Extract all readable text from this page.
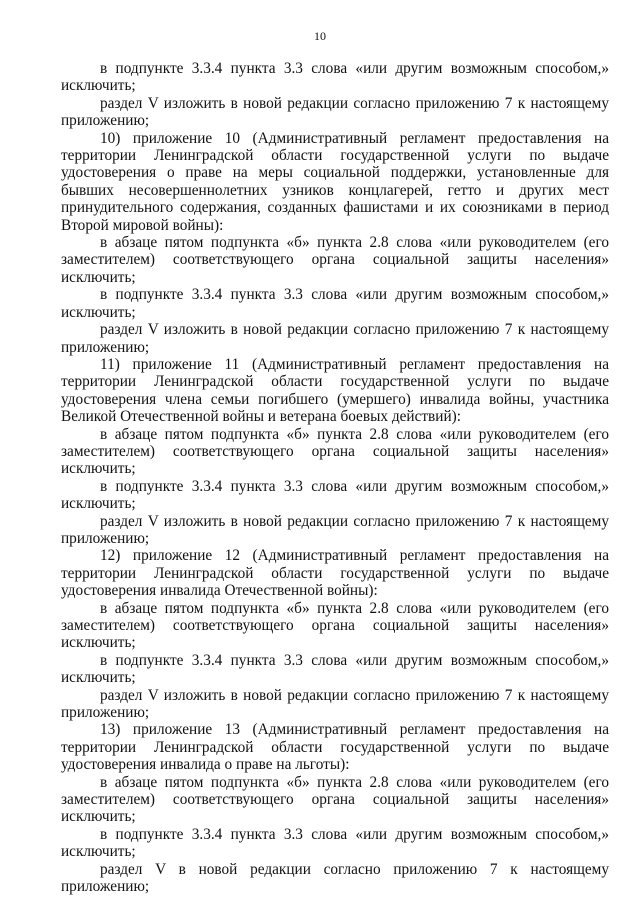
10

в подпункте 3.3.4 пункта 3.3 слова «или другим возможным способом,» исключить;

раздел V изложить в новой редакции согласно приложению 7 к настоящему приложению;

10) приложение 10 (Административный регламент предоставления на территории Ленинградской области государственной услуги по выдаче удостоверения о праве на меры социальной поддержки, установленные для бывших несовершеннолетних узников концлагерей, гетто и других мест принудительного содержания, созданных фашистами и их союзниками в период Второй мировой войны):

в абзаце пятом подпункта «б» пункта 2.8 слова «или руководителем (его заместителем) соответствующего органа социальной защиты населения» исключить;

в подпункте 3.3.4 пункта 3.3 слова «или другим возможным способом,» исключить;

раздел V изложить в новой редакции согласно приложению 7 к настоящему приложению;

11) приложение 11 (Административный регламент предоставления на территории Ленинградской области государственной услуги по выдаче удостоверения члена семьи погибшего (умершего) инвалида войны, участника Великой Отечественной войны и ветерана боевых действий):

в абзаце пятом подпункта «б» пункта 2.8 слова «или руководителем (его заместителем) соответствующего органа социальной защиты населения» исключить;

в подпункте 3.3.4 пункта 3.3 слова «или другим возможным способом,» исключить;

раздел V изложить в новой редакции согласно приложению 7 к настоящему приложению;

12) приложение 12 (Административный регламент предоставления на территории Ленинградской области государственной услуги по выдаче удостоверения инвалида Отечественной войны):

в абзаце пятом подпункта «б» пункта 2.8 слова «или руководителем (его заместителем) соответствующего органа социальной защиты населения» исключить;

в подпункте 3.3.4 пункта 3.3 слова «или другим возможным способом,» исключить;

раздел V изложить в новой редакции согласно приложению 7 к настоящему приложению;

13) приложение 13 (Административный регламент предоставления на территории Ленинградской области государственной услуги по выдаче удостоверения инвалида о праве на льготы):

в абзаце пятом подпункта «б» пункта 2.8 слова «или руководителем (его заместителем) соответствующего органа социальной защиты населения» исключить;

в подпункте 3.3.4 пункта 3.3 слова «или другим возможным способом,» исключить;

раздел V в новой редакции согласно приложению 7 к настоящему приложению;
